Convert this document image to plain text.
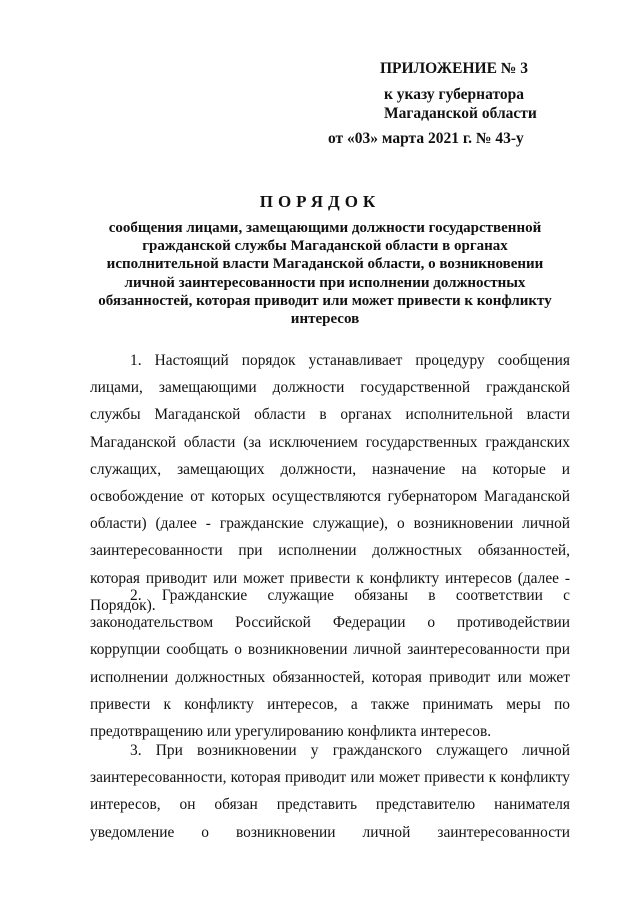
ПРИЛОЖЕНИЕ № 3
к указу губернатора
Магаданской области
от «03» марта 2021 г. № 43-у
ПОРЯДОК
сообщения лицами, замещающими должности государственной гражданской службы Магаданской области в органах исполнительной власти Магаданской области, о возникновении личной заинтересованности при исполнении должностных обязанностей, которая приводит или может привести к конфликту интересов
1. Настоящий порядок устанавливает процедуру сообщения лицами, замещающими должности государственной гражданской службы Магаданской области в органах исполнительной власти Магаданской области (за исключением государственных гражданских служащих, замещающих должности, назначение на которые и освобождение от которых осуществляются губернатором Магаданской области) (далее - гражданские служащие), о возникновении личной заинтересованности при исполнении должностных обязанностей, которая приводит или может привести к конфликту интересов (далее - Порядок).
2. Гражданские служащие обязаны в соответствии с законодательством Российской Федерации о противодействии коррупции сообщать о возникновении личной заинтересованности при исполнении должностных обязанностей, которая приводит или может привести к конфликту интересов, а также принимать меры по предотвращению или урегулированию конфликта интересов.
3. При возникновении у гражданского служащего личной заинтересованности, которая приводит или может привести к конфликту интересов, он обязан представить представителю нанимателя уведомление о возникновении личной заинтересованности
